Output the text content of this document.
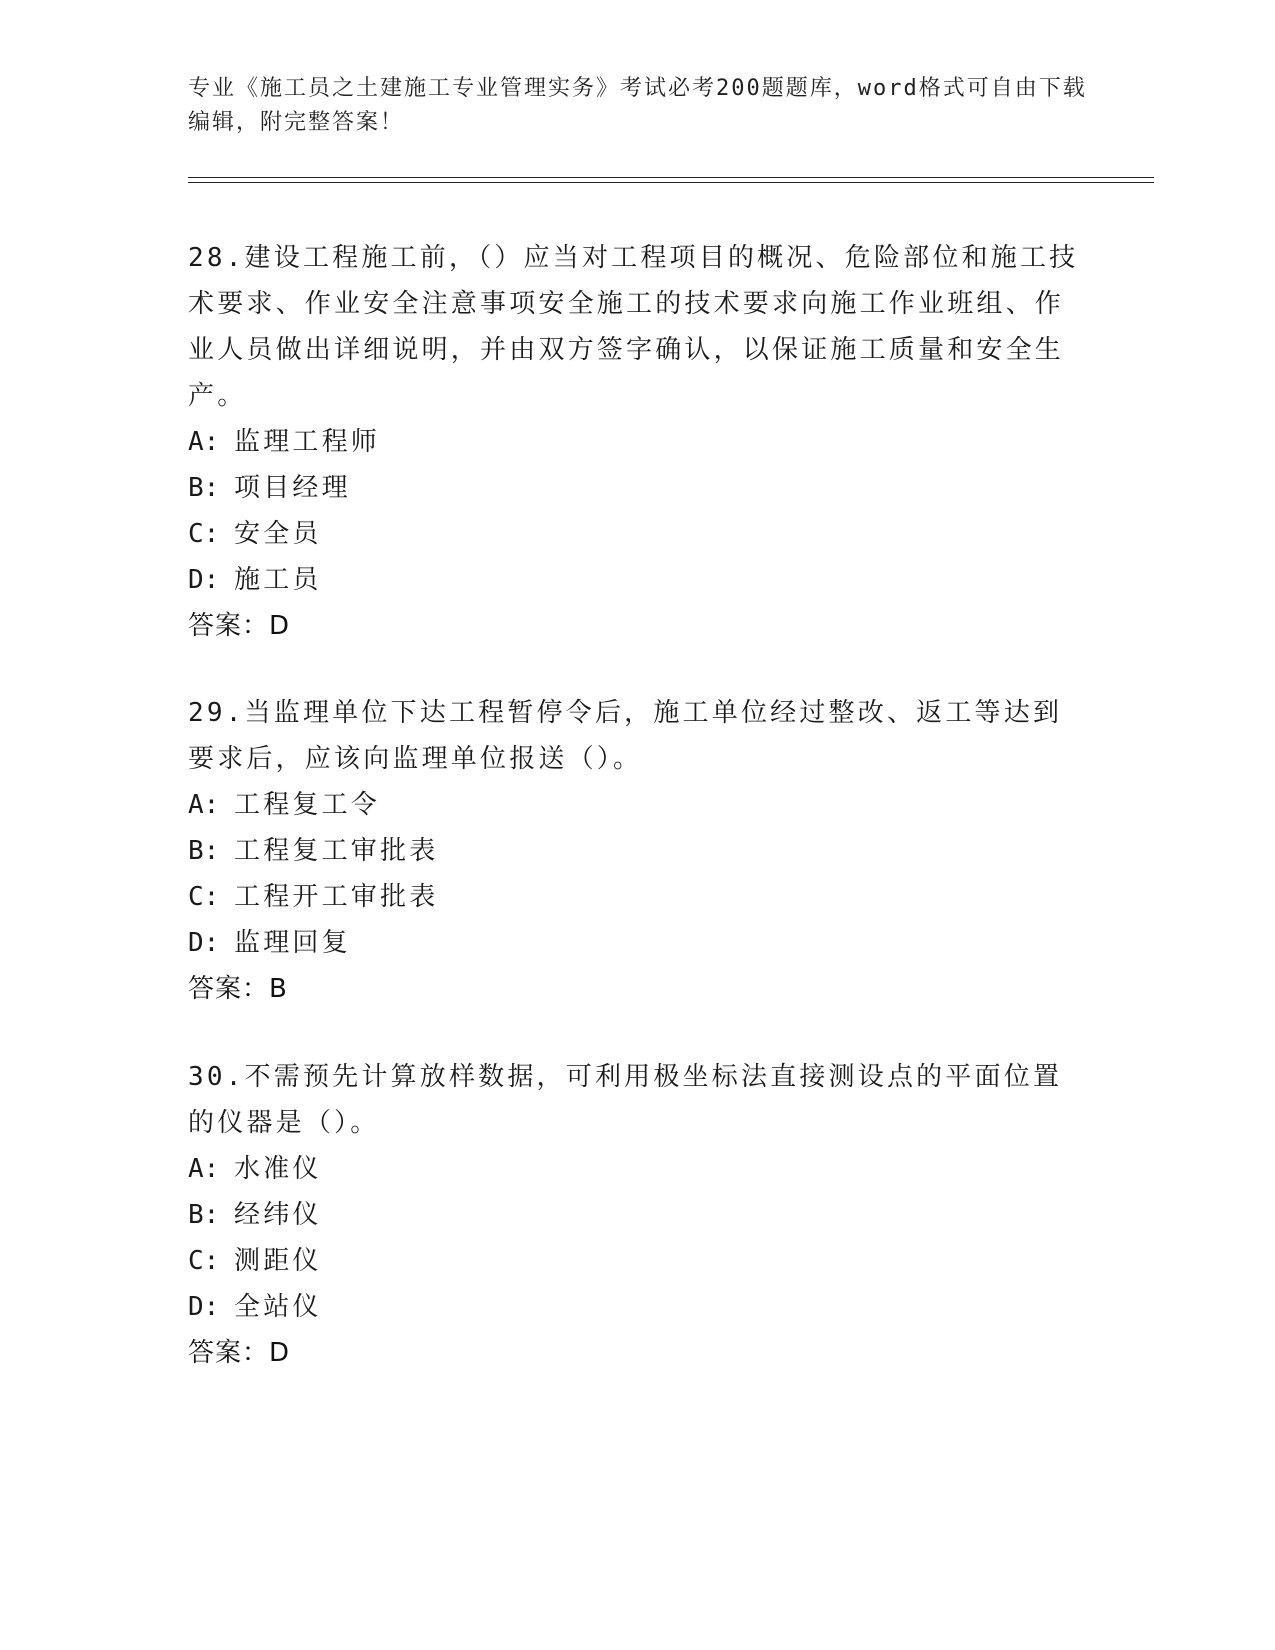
专业《施工员之土建施工专业管理实务》考试必考200题题库，word格式可自由下载编辑，附完整答案！

28.建设工程施工前，（）应当对工程项目的概况、危险部位和施工技术要求、作业安全注意事项安全施工的技术要求向施工作业班组、作业人员做出详细说明，并由双方签字确认，以保证施工质量和安全生产。

A: 监理工程师

B: 项目经理

C: 安全员

D: 施工员

答案：D

29.当监理单位下达工程暂停令后，施工单位经过整改、返工等达到要求后，应该向监理单位报送（）。

A: 工程复工令

B: 工程复工审批表

C: 工程开工审批表

D: 监理回复

答案：B

30.不需预先计算放样数据，可利用极坐标法直接测设点的平面位置的仪器是（）。

A: 水准仪

B: 经纬仪

C: 测距仪

D: 全站仪

答案：D
